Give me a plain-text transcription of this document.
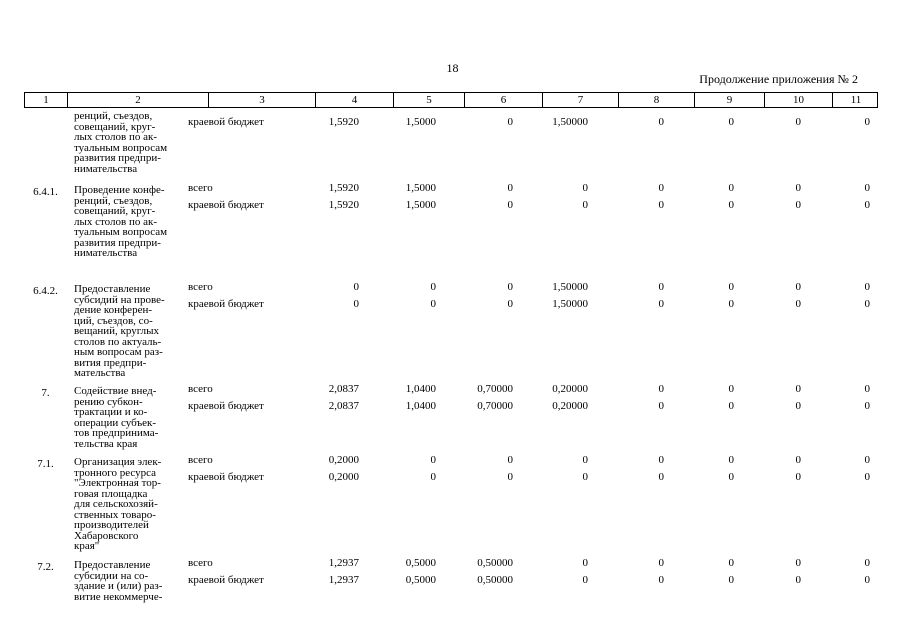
18
Продолжение приложения № 2
1	2	3	4	5	6	7	8	9	10	11
ренций, съездов,
совещаний, круг-
лых столов по ак-
туальным вопросам
развития предпри-
нимательства
краевой бюджет	1,5920	1,5000	0	1,50000	0	0	0	0
6.4.1.	Проведение конфе-
ренций, съездов,
совещаний, круг-
лых столов по ак-
туальным вопросам
развития предпри-
нимательства
всего	1,5920	1,5000	0	0	0	0	0	0
краевой бюджет	1,5920	1,5000	0	0	0	0	0	0
6.4.2.	Предоставление
субсидий на прове-
дение конферен-
ций, съездов, со-
вещаний, круглых
столов по актуаль-
ным вопросам раз-
вития предпри-
мательства
всего	0	0	0	1,50000	0	0	0	0
краевой бюджет	0	0	0	1,50000	0	0	0	0
7.	Содействие внед-
рению субкон-
трактации и ко-
операции субъек-
тов предпринима-
тельства края
всего	2,0837	1,0400	0,70000	0,20000	0	0	0	0
краевой бюджет	2,0837	1,0400	0,70000	0,20000	0	0	0	0
7.1.	Организация элек-
тронного ресурса
"Электронная тор-
говая площадка
для сельскохозяй-
ственных товаро-
производителей
Хабаровского
края"
всего	0,2000	0	0	0	0	0	0	0
краевой бюджет	0,2000	0	0	0	0	0	0	0
7.2.	Предоставление
субсидии на со-
здание и (или) раз-
витие некоммерче-
всего	1,2937	0,5000	0,50000	0	0	0	0	0
краевой бюджет	1,2937	0,5000	0,50000	0	0	0	0	0
